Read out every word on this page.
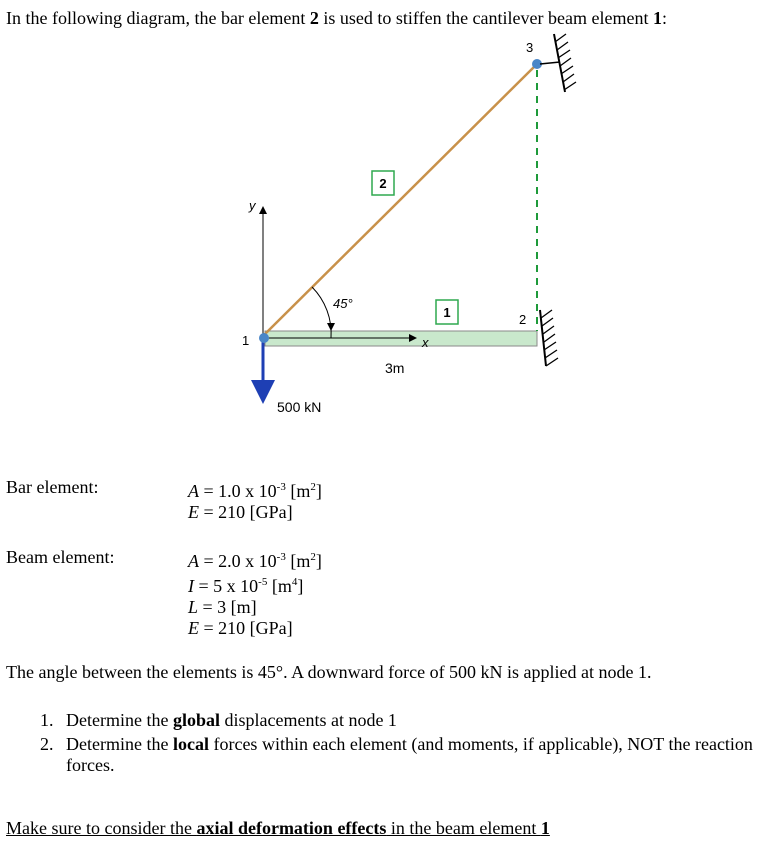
In the following diagram, the bar element 2 is used to stiffen the cantilever beam element 1:
y
x
45°
3m
500 kN
1
3
2
2
1
Bar element:	A = 1.0 x $10^{-3}$ $[m^2]$
E = 210 [GPa]
Beam element:	A = 2.0 x $10^{-3}$ $[m^2]$
I = 5 x $10^{-5}$ $[m^4]$
L = 3 [m]
E = 210 [GPa]
The angle between the elements is 45°. A downward force of 500 kN is applied at node 1.
1. Determine the global displacements at node 1
2. Determine the local forces within each element (and moments, if applicable), NOT the reaction forces.
Make sure to consider the axial deformation effects in the beam element 1
